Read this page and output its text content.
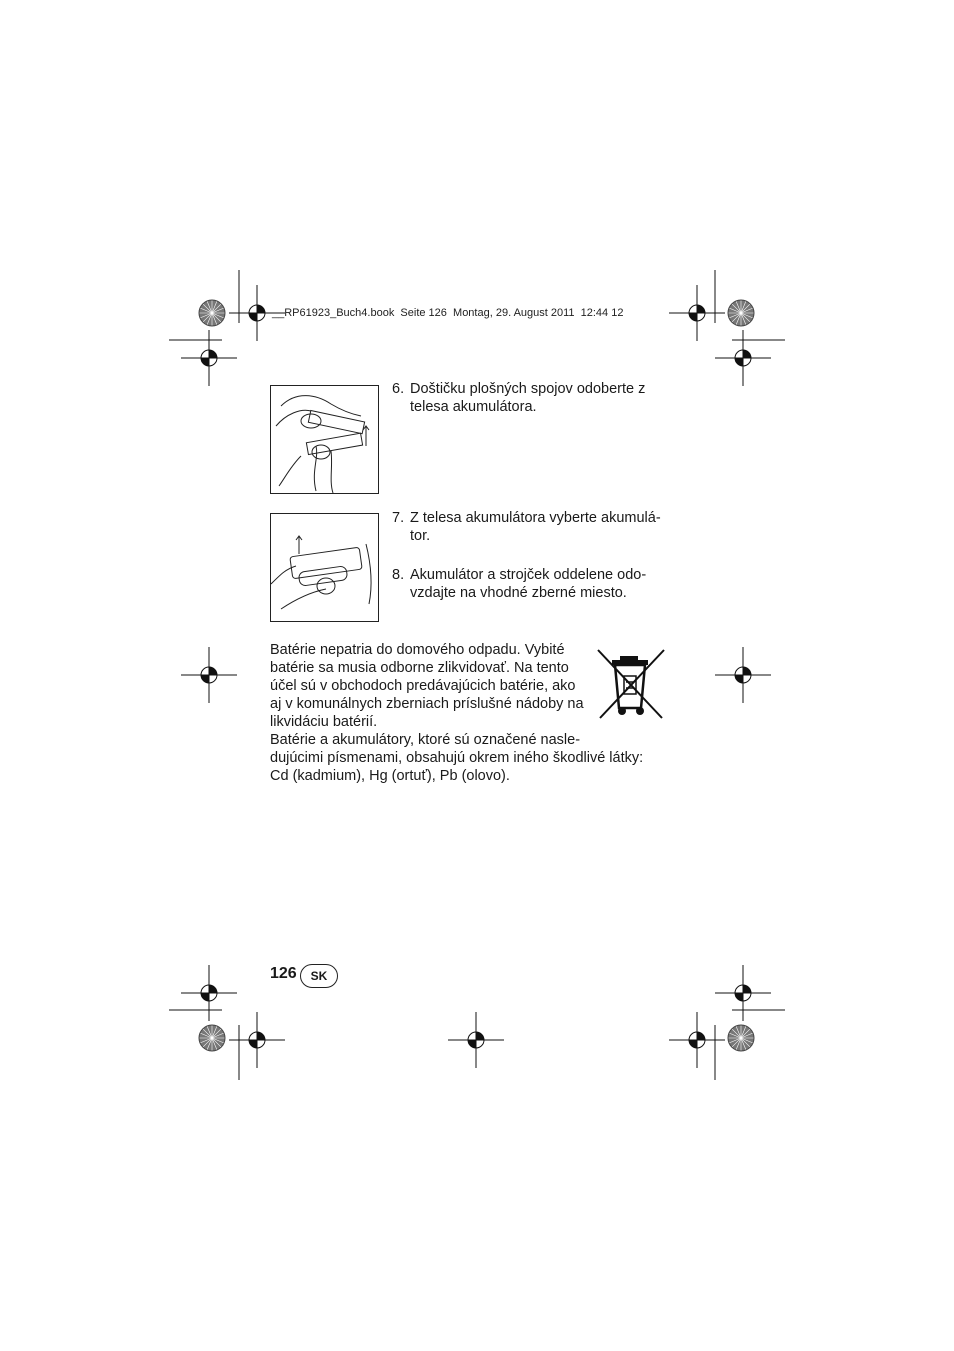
__RP61923_Buch4.book  Seite 126  Montag, 29. August 2011  12:44 12
6. Doštičku plošných spojov odoberte z
telesa akumulátora.
7. Z telesa akumulátora vyberte akumulá-
tor.
8. Akumulátor a strojček oddelene odo-
vzdajte na vhodné zberné miesto.
Batérie nepatria do domového odpadu. Vybité
batérie sa musia odborne zlikvidovať. Na tento
účel sú v obchodoch predávajúcich batérie, ako
aj v komunálnych zberniach príslušné nádoby na
likvidáciu batérií.
Batérie a akumulátory, ktoré sú označené nasle-
dujúcimi písmenami, obsahujú okrem iného škodlivé látky:
Cd (kadmium), Hg (ortuť), Pb (olovo).
126	SK
